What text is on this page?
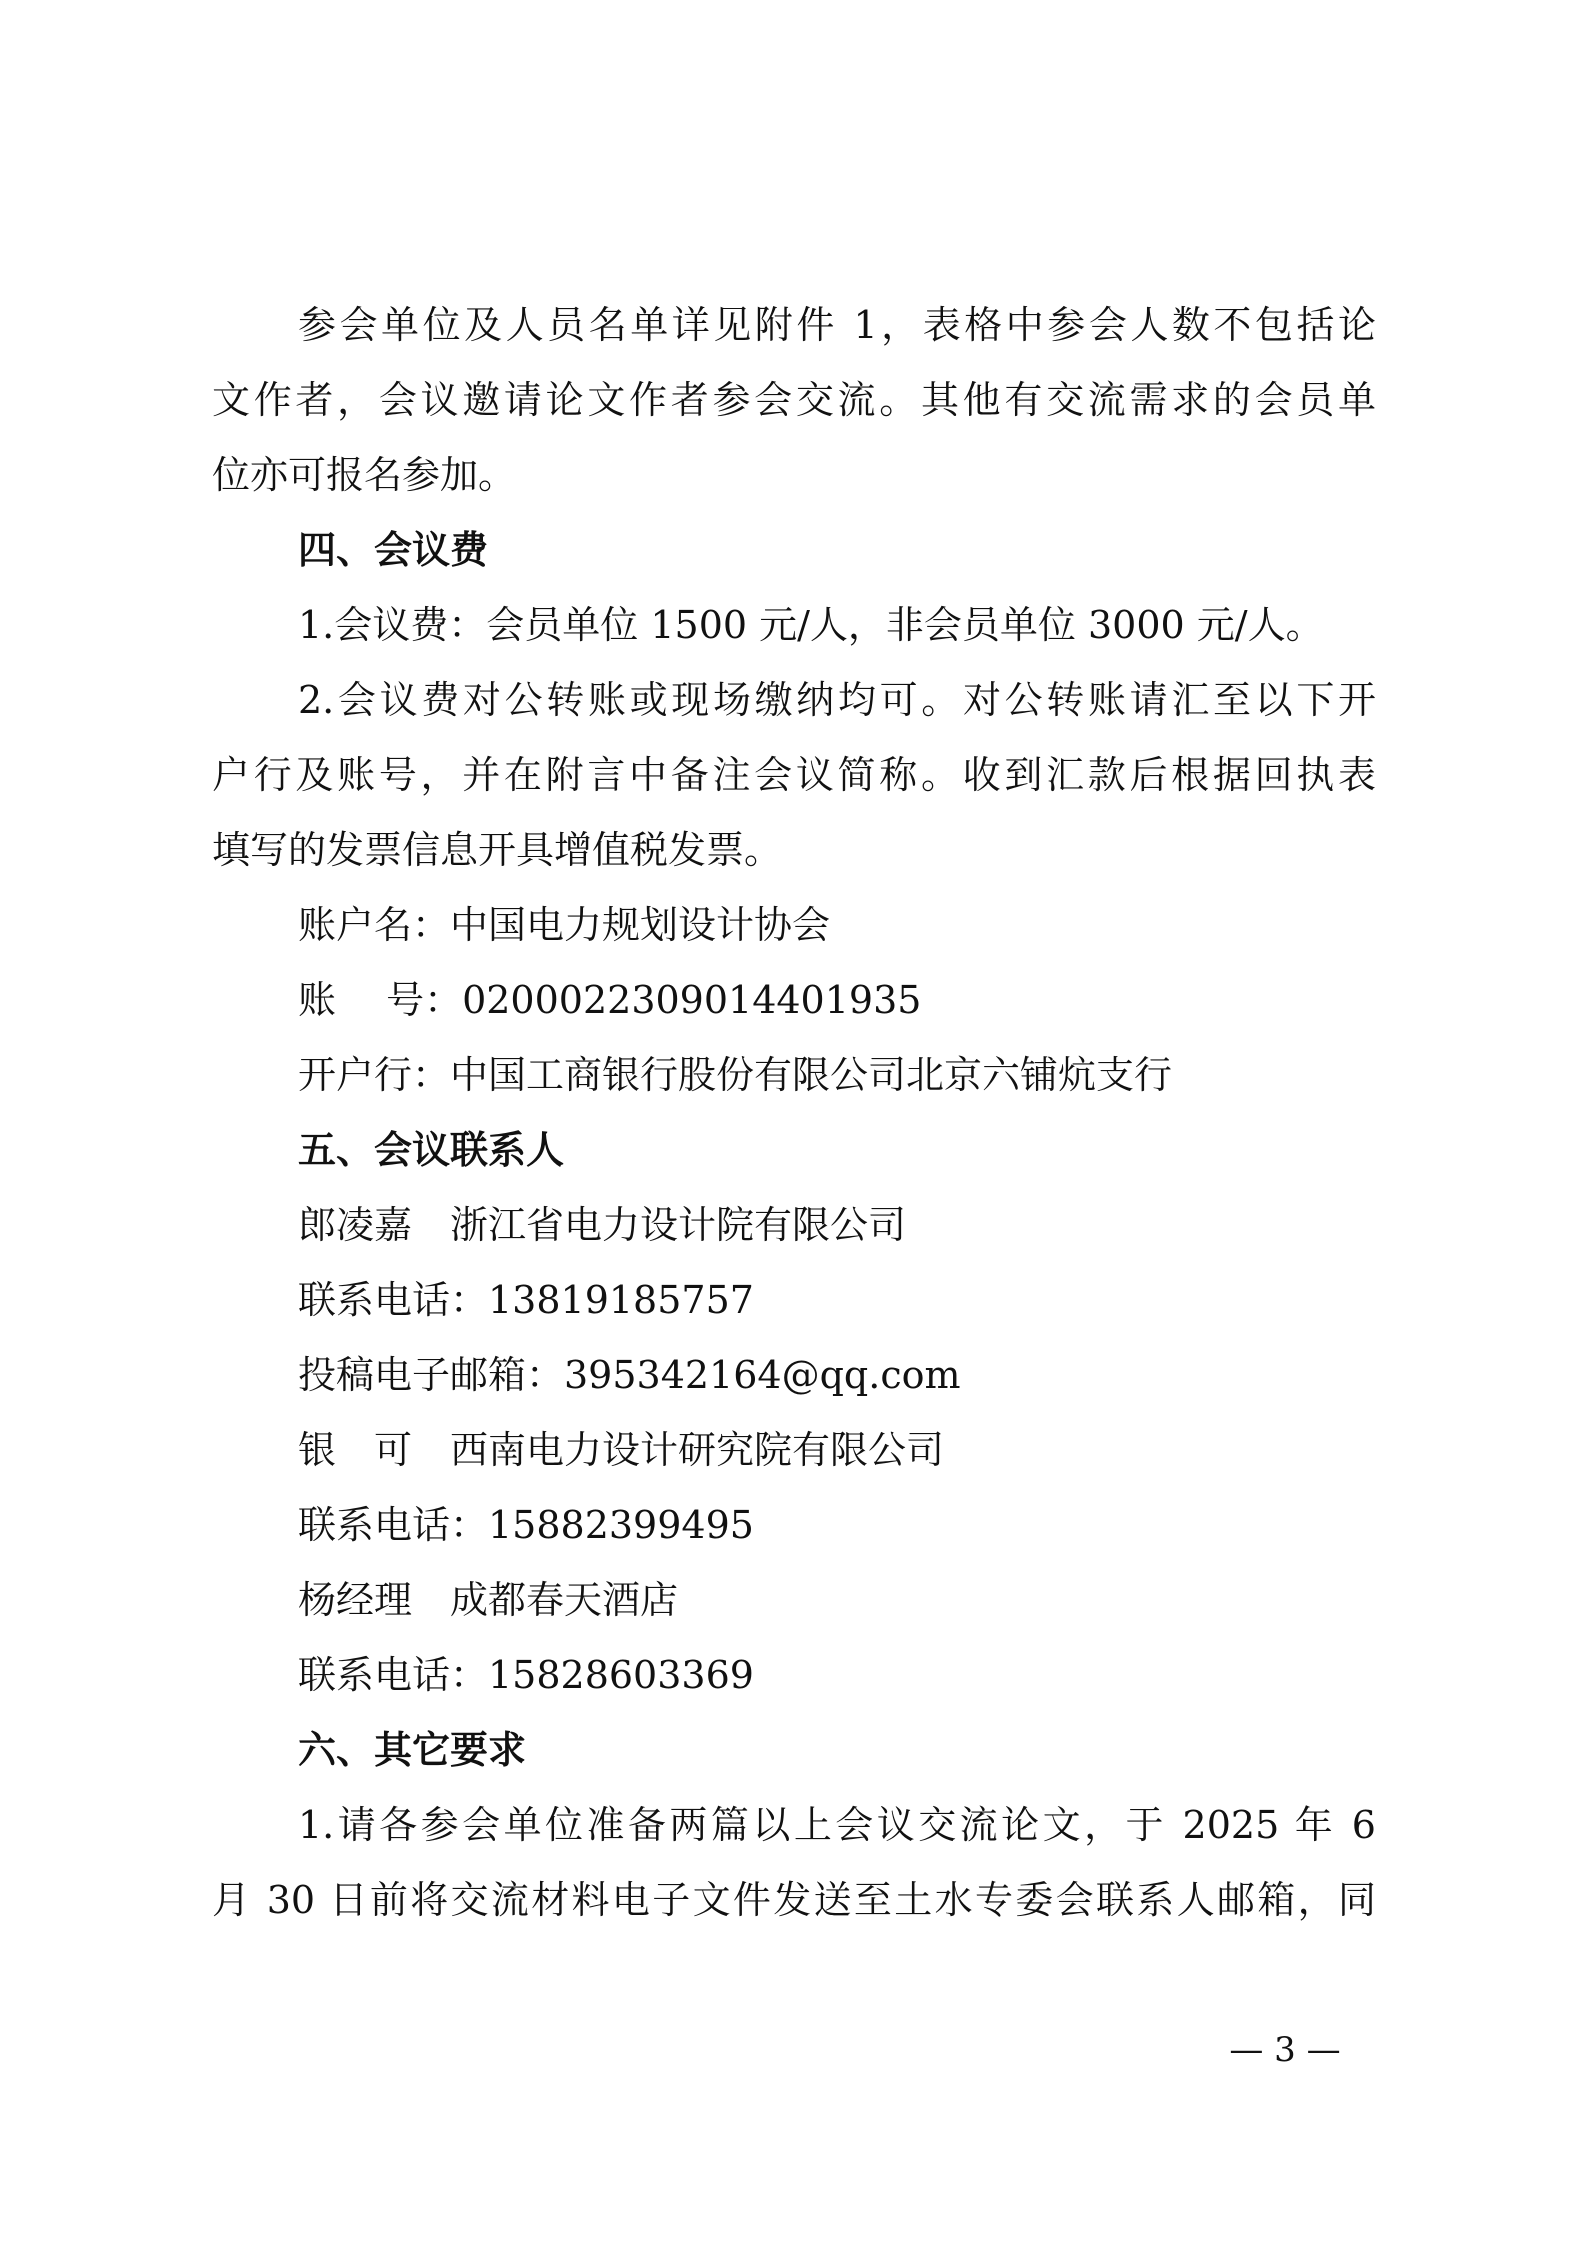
参会单位及人员名单详见附件 1，表格中参会人数不包括论
文作者，会议邀请论文作者参会交流。其他有交流需求的会员单
位亦可报名参加。
四、会议费
1.会议费：会员单位 1500 元/人，非会员单位 3000 元/人。
2.会议费对公转账或现场缴纳均可。对公转账请汇至以下开
户行及账号，并在附言中备注会议简称。收到汇款后根据回执表
填写的发票信息开具增值税发票。
账户名：中国电力规划设计协会
账　 号：0200022309014401935
开户行：中国工商银行股份有限公司北京六铺炕支行
五、会议联系人
郎凌嘉　浙江省电力设计院有限公司
联系电话：13819185757
投稿电子邮箱：395342164@qq.com
银　可　西南电力设计研究院有限公司
联系电话：15882399495
杨经理　成都春天酒店
联系电话：15828603369
六、其它要求
1.请各参会单位准备两篇以上会议交流论文，于 2025 年 6
月 30 日前将交流材料电子文件发送至土水专委会联系人邮箱，同
— 3 —
